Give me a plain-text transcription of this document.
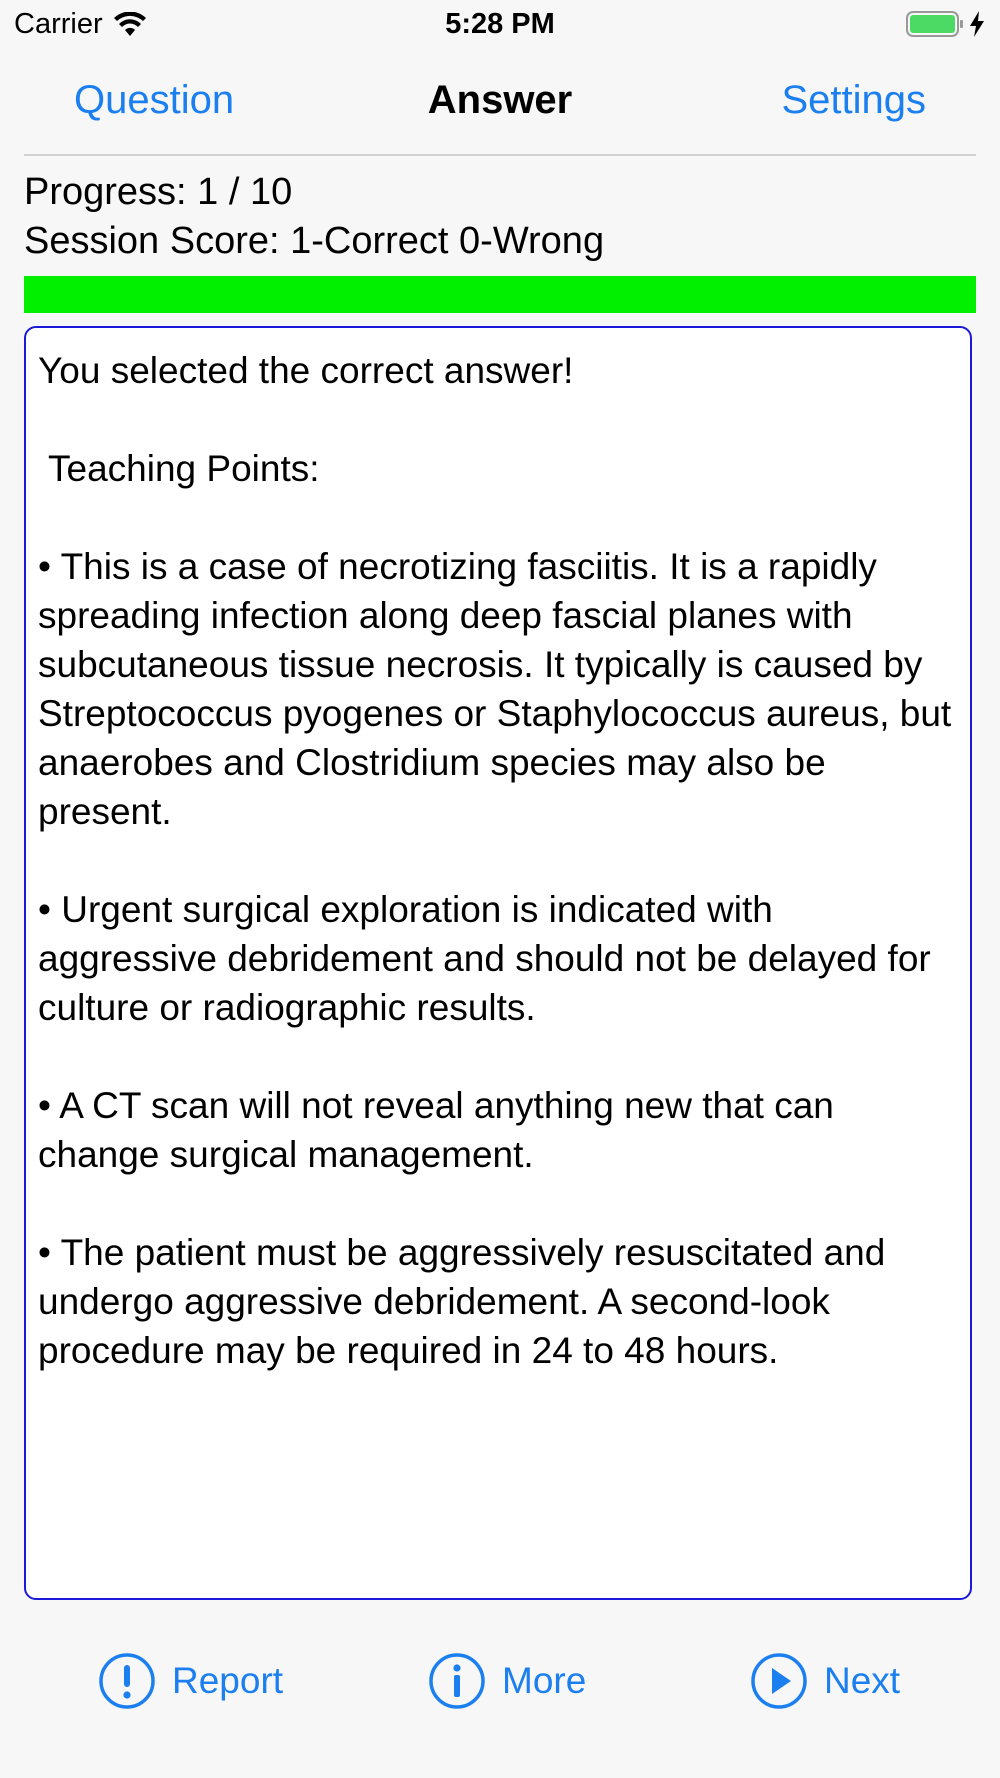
Carrier	5:28 PM
Question	Answer	Settings
Progress: 1 / 10
Session Score: 1-Correct 0-Wrong

You selected the correct answer!

Teaching Points:

• This is a case of necrotizing fasciitis. It is a rapidly spreading infection along deep fascial planes with subcutaneous tissue necrosis. It typically is caused by Streptococcus pyogenes or Staphylococcus aureus, but anaerobes and Clostridium species may also be present.

• Urgent surgical exploration is indicated with aggressive debridement and should not be delayed for culture or radiographic results.

• A CT scan will not reveal anything new that can change surgical management.

• The patient must be aggressively resuscitated and undergo aggressive debridement. A second-look procedure may be required in 24 to 48 hours.

Report	More	Next
